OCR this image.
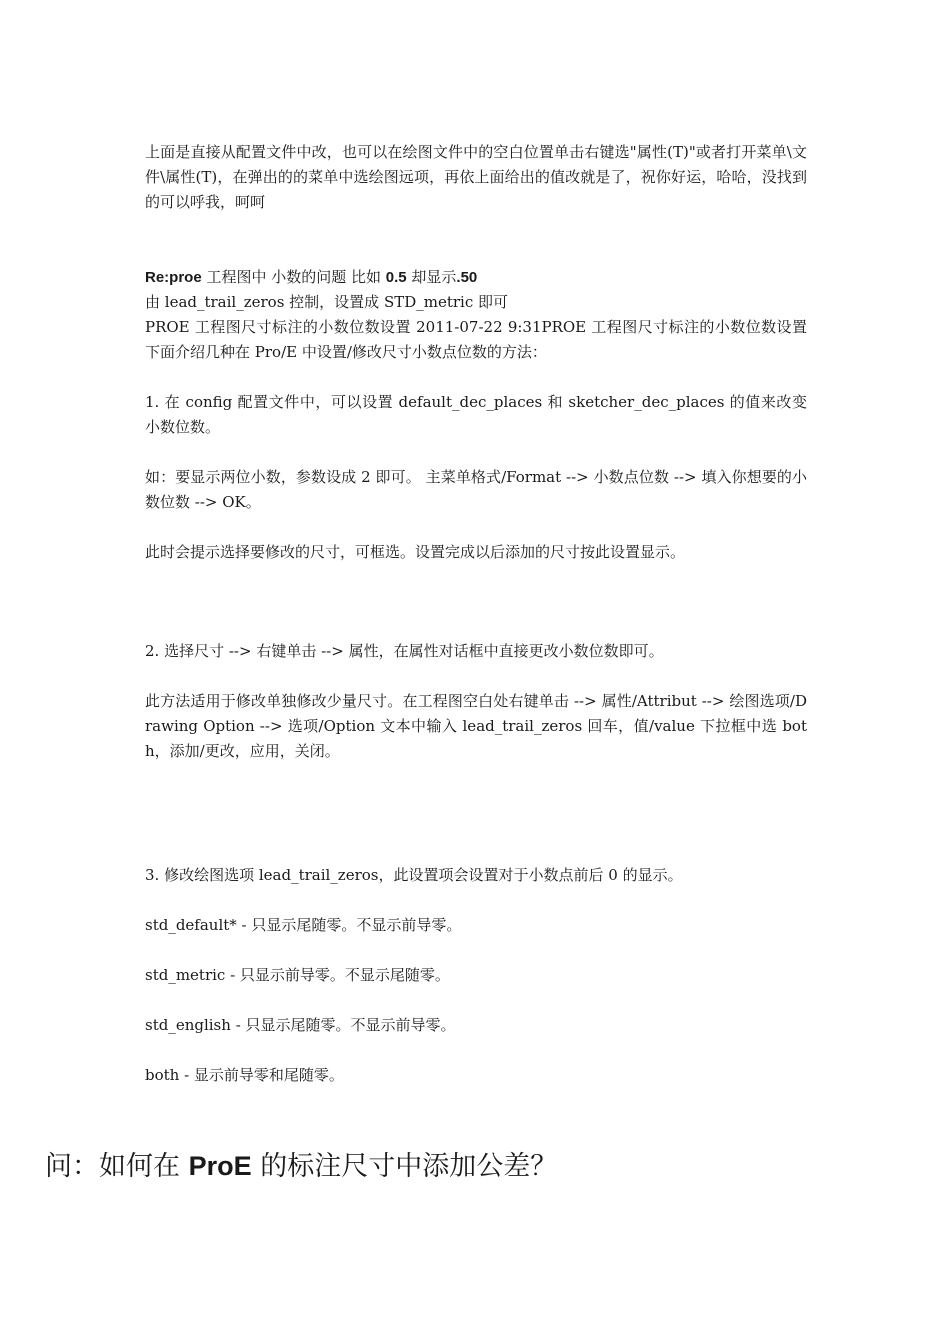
上面是直接从配置文件中改，也可以在绘图文件中的空白位置单击右键选"属性(T)"或者打开菜单\文件\属性(T)，在弹出的的菜单中选绘图远项，再依上面给出的值改就是了，祝你好运，哈哈，没找到的可以呼我，呵呵

Re:proe 工程图中 小数的问题 比如 0.5 却显示.50

由 lead_trail_zeros 控制，设置成 STD_metric 即可

PROE 工程图尺寸标注的小数位数设置 2011-07-22 9:31PROE 工程图尺寸标注的小数位数设置下面介绍几种在 Pro/E 中设置/修改尺寸小数点位数的方法：

1. 在 config 配置文件中，可以设置 default_dec_places 和 sketcher_dec_places 的值来改变小数位数。

如：要显示两位小数，参数设成 2 即可。 主菜单格式/Format --> 小数点位数 --> 填入你想要的小数位数 --> OK。

此时会提示选择要修改的尺寸，可框选。设置完成以后添加的尺寸按此设置显示。

2. 选择尺寸 --> 右键单击 --> 属性，在属性对话框中直接更改小数位数即可。

此方法适用于修改单独修改少量尺寸。在工程图空白处右键单击 --> 属性/Attribut --> 绘图选项/Drawing Option --> 选项/Option 文本中输入 lead_trail_zeros 回车，值/value 下拉框中选 both，添加/更改，应用，关闭。

3. 修改绘图选项 lead_trail_zeros，此设置项会设置对于小数点前后 0 的显示。

std_default* - 只显示尾随零。不显示前导零。

std_metric - 只显示前导零。不显示尾随零。

std_english - 只显示尾随零。不显示前导零。

both - 显示前导零和尾随零。

问：如何在 ProE 的标注尺寸中添加公差？
